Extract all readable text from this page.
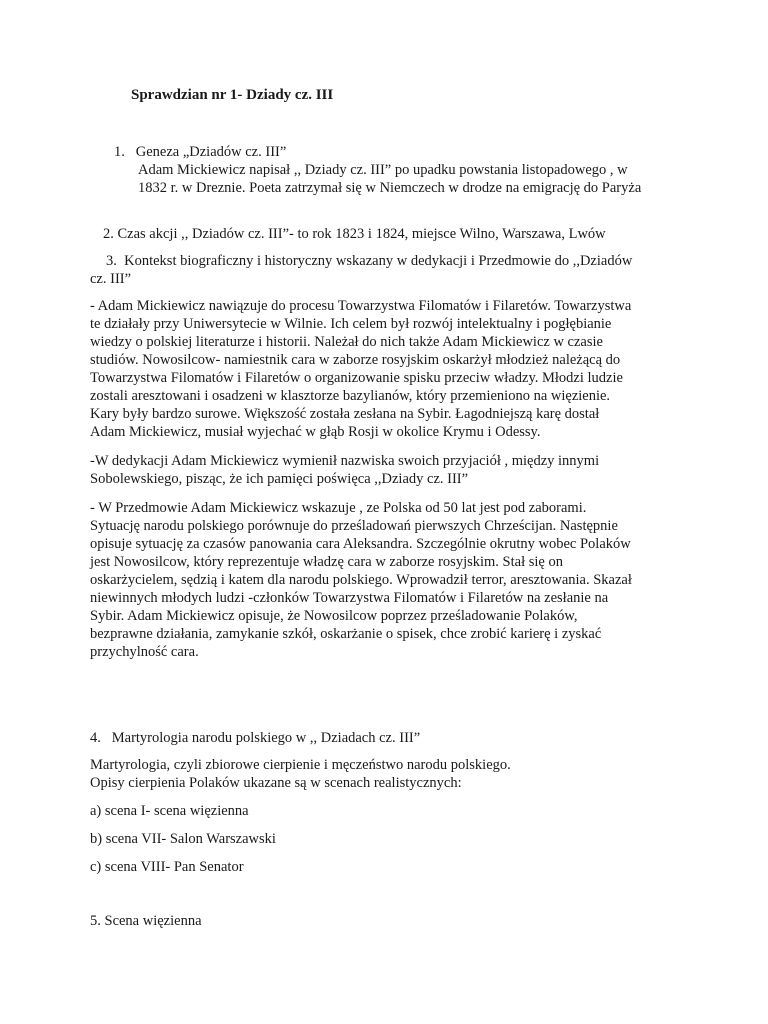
Sprawdzian nr 1- Dziady cz. III
1.   Geneza „Dziadów cz. III”
Adam Mickiewicz napisał ,, Dziady cz. III” po upadku powstania listopadowego , w
1832 r. w Dreznie. Poeta zatrzymał się w Niemczech w drodze na emigrację do Paryża
2. Czas akcji ,, Dziadów cz. III”- to rok 1823 i 1824, miejsce Wilno, Warszawa, Lwów
3.  Kontekst biograficzny i historyczny wskazany w dedykacji i Przedmowie do ,,Dziadów
cz. III”
- Adam Mickiewicz nawiązuje do procesu Towarzystwa Filomatów i Filaretów. Towarzystwa
te działały przy Uniwersytecie w Wilnie. Ich celem był rozwój intelektualny i pogłębianie
wiedzy o polskiej literaturze i historii. Należał do nich także Adam Mickiewicz w czasie
studiów. Nowosilcow- namiestnik cara w zaborze rosyjskim oskarżył młodzież należącą do
Towarzystwa Filomatów i Filaretów o organizowanie spisku przeciw władzy. Młodzi ludzie
zostali aresztowani i osadzeni w klasztorze bazylianów, który przemieniono na więzienie.
Kary były bardzo surowe. Większość została zesłana na Sybir. Łagodniejszą karę dostał
Adam Mickiewicz, musiał wyjechać w głąb Rosji w okolice Krymu i Odessy.
-W dedykacji Adam Mickiewicz wymienił nazwiska swoich przyjaciół , między innymi
Sobolewskiego, pisząc, że ich pamięci poświęca ,,Dziady cz. III”
- W Przedmowie Adam Mickiewicz wskazuje , ze Polska od 50 lat jest pod zaborami.
Sytuację narodu polskiego porównuje do prześladowań pierwszych Chrześcijan. Następnie
opisuje sytuację za czasów panowania cara Aleksandra. Szczególnie okrutny wobec Polaków
jest Nowosilcow, który reprezentuje władzę cara w zaborze rosyjskim. Stał się on
oskarżycielem, sędzią i katem dla narodu polskiego. Wprowadził terror, aresztowania. Skazał
niewinnych młodych ludzi -członków Towarzystwa Filomatów i Filaretów na zesłanie na
Sybir. Adam Mickiewicz opisuje, że Nowosilcow poprzez prześladowanie Polaków,
bezprawne działania, zamykanie szkół, oskarżanie o spisek, chce zrobić karierę i zyskać
przychylność cara.
4.   Martyrologia narodu polskiego w ,, Dziadach cz. III”
Martyrologia, czyli zbiorowe cierpienie i męczeństwo narodu polskiego.
Opisy cierpienia Polaków ukazane są w scenach realistycznych:
a) scena I- scena więzienna
b) scena VII- Salon Warszawski
c) scena VIII- Pan Senator
5. Scena więzienna
